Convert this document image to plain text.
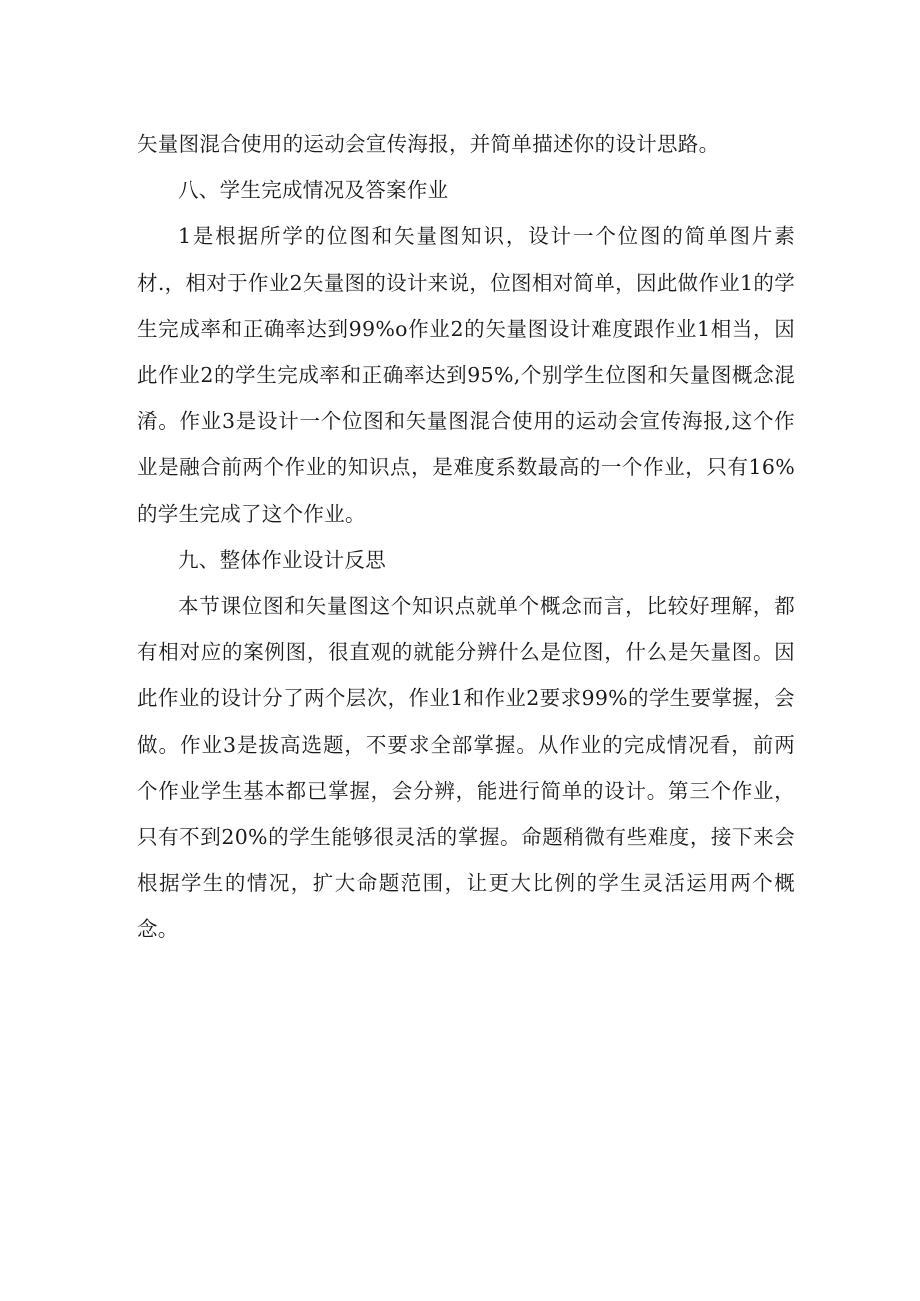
矢量图混合使用的运动会宣传海报，并简单描述你的设计思路。

八、学生完成情况及答案作业

1是根据所学的位图和矢量图知识，设计一个位图的简单图片素材.，相对于作业2矢量图的设计来说，位图相对简单，因此做作业1的学生完成率和正确率达到99%o作业2的矢量图设计难度跟作业1相当，因此作业2的学生完成率和正确率达到95%,个别学生位图和矢量图概念混淆。作业3是设计一个位图和矢量图混合使用的运动会宣传海报,这个作业是融合前两个作业的知识点，是难度系数最高的一个作业，只有16%的学生完成了这个作业。

九、整体作业设计反思

本节课位图和矢量图这个知识点就单个概念而言，比较好理解，都有相对应的案例图，很直观的就能分辨什么是位图，什么是矢量图。因此作业的设计分了两个层次，作业1和作业2要求99%的学生要掌握，会做。作业3是拔高选题，不要求全部掌握。从作业的完成情况看，前两个作业学生基本都已掌握，会分辨，能进行简单的设计。第三个作业，只有不到20%的学生能够很灵活的掌握。命题稍微有些难度，接下来会根据学生的情况，扩大命题范围，让更大比例的学生灵活运用两个概念。
